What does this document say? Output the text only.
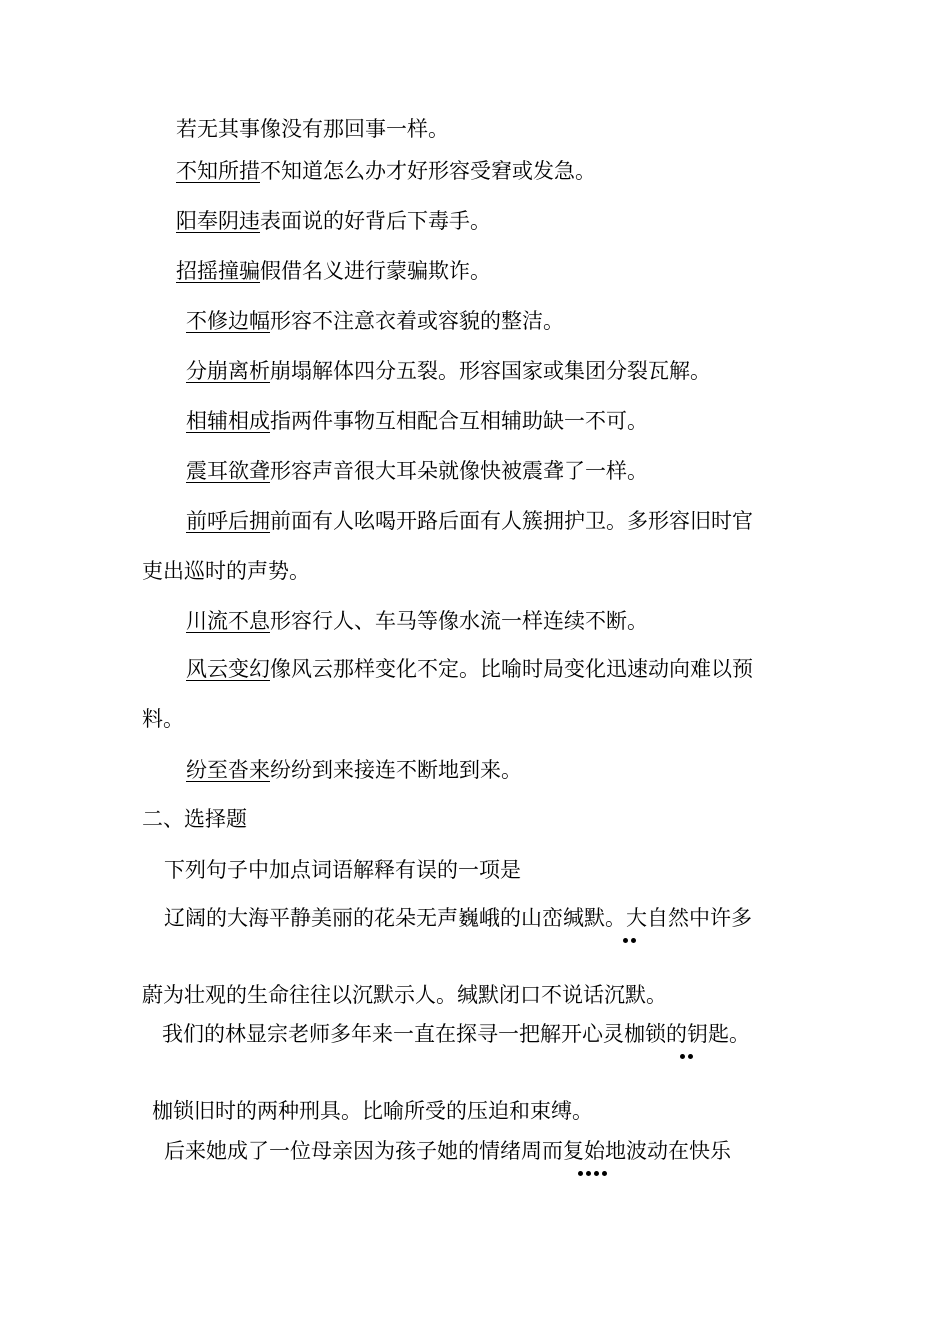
若无其事像没有那回事一样。
不知所措不知道怎么办才好形容受窘或发急。
阳奉阴违表面说的好背后下毒手。
招摇撞骗假借名义进行蒙骗欺诈。
不修边幅形容不注意衣着或容貌的整洁。
分崩离析崩塌解体四分五裂。形容国家或集团分裂瓦解。
相辅相成指两件事物互相配合互相辅助缺一不可。
震耳欲聋形容声音很大耳朵就像快被震聋了一样。
前呼后拥前面有人吆喝开路后面有人簇拥护卫。多形容旧时官
吏出巡时的声势。
川流不息形容行人、车马等像水流一样连续不断。
风云变幻像风云那样变化不定。比喻时局变化迅速动向难以预
料。
纷至沓来纷纷到来接连不断地到来。
二、选择题
下列句子中加点词语解释有误的一项是
辽阔的大海平静美丽的花朵无声巍峨的山峦缄默。大自然中许多
蔚为壮观的生命往往以沉默示人。缄默闭口不说话沉默。
我们的林显宗老师多年来一直在探寻一把解开心灵枷锁的钥匙。
枷锁旧时的两种刑具。比喻所受的压迫和束缚。
后来她成了一位母亲因为孩子她的情绪周而复始地波动在快乐
